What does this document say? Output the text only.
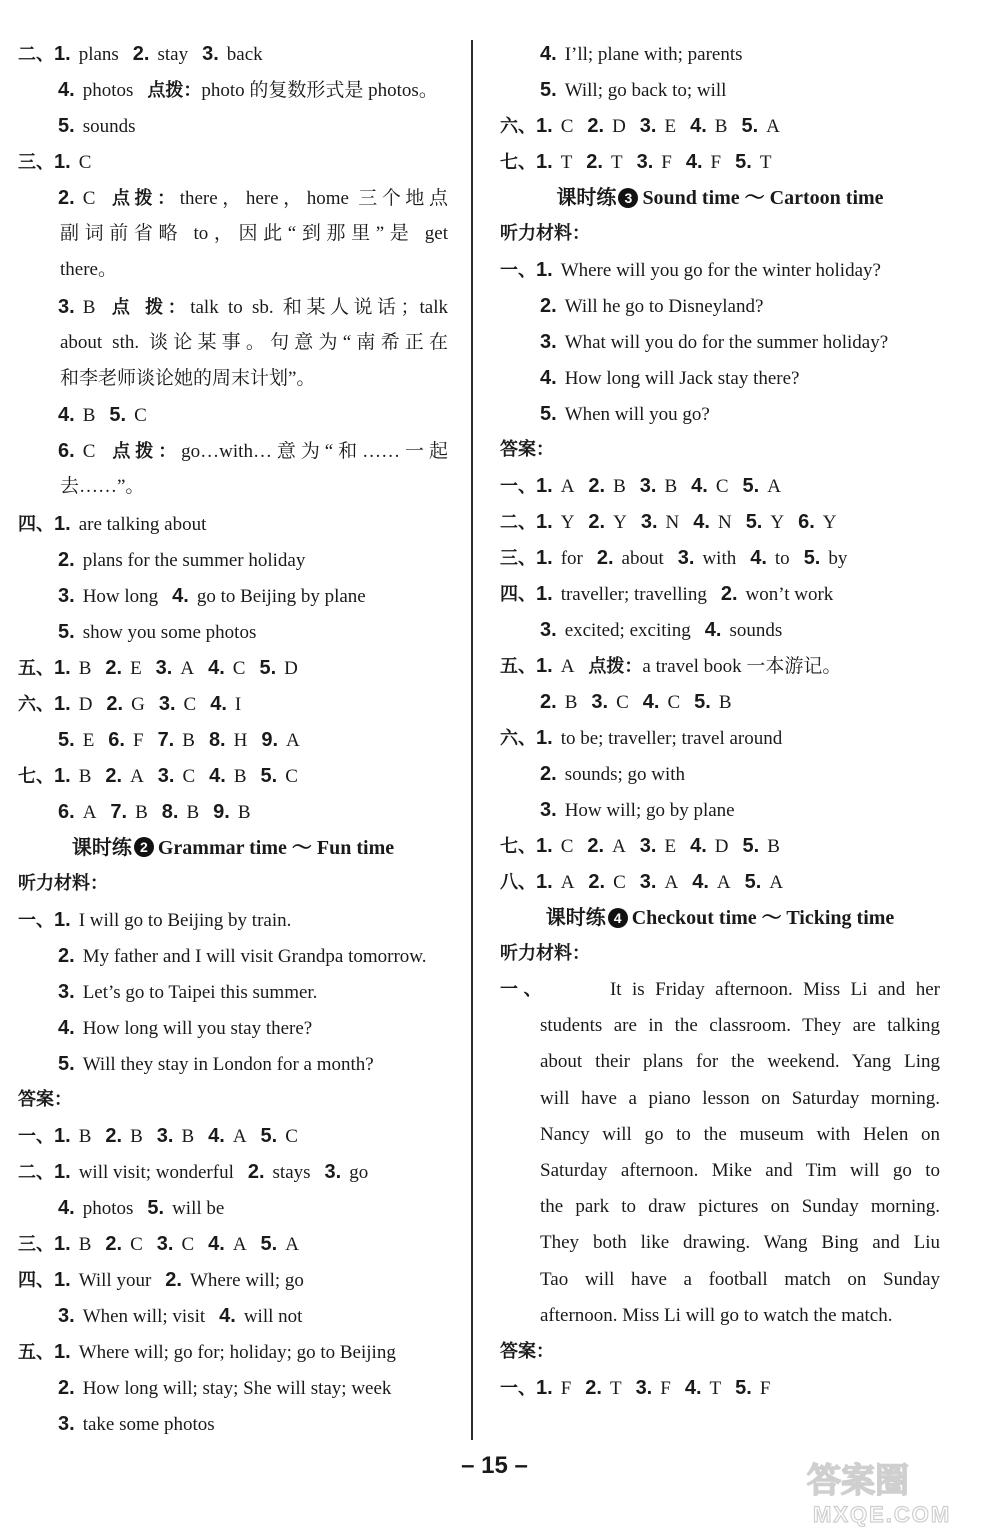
二、1. plans 2. stay 3. back
4. photos 点拨：photo 的复数形式是 photos。
5. sounds
三、1. C
2. C 点拨：there，here，home 三个地点
副词前省略 to，因此“到那里”是 get
there。
3. B 点 拨：talk to sb. 和某人说话；talk
about sth. 谈论某事。句意为“南希正在
和李老师谈论她的周末计划”。
4. B 5. C
6. C 点拨：go…with…意为“和……一起
去……”。
四、1. are talking about
2. plans for the summer holiday
3. How long 4. go to Beijing by plane
5. show you some photos
五、1. B 2. E 3. A 4. C 5. D
六、1. D 2. G 3. C 4. I
5. E 6. F 7. B 8. H 9. A
七、1. B 2. A 3. C 4. B 5. C
6. A 7. B 8. B 9. B
课时练 2 Grammar time ～ Fun time
听力材料：
一、1. I will go to Beijing by train.
2. My father and I will visit Grandpa tomorrow.
3. Let’s go to Taipei this summer.
4. How long will you stay there?
5. Will they stay in London for a month?
答案：
一、1. B 2. B 3. B 4. A 5. C
二、1. will visit; wonderful 2. stays 3. go
4. photos 5. will be
三、1. B 2. C 3. C 4. A 5. A
四、1. Will your 2. Where will; go
3. When will; visit 4. will not
五、1. Where will; go for; holiday; go to Beijing
2. How long will; stay; She will stay; week
3. take some photos
4. I’ll; plane with; parents
5. Will; go back to; will
六、1. C 2. D 3. E 4. B 5. A
七、1. T 2. T 3. F 4. F 5. T
课时练 3 Sound time ～ Cartoon time
听力材料：
一、1. Where will you go for the winter holiday?
2. Will he go to Disneyland?
3. What will you do for the summer holiday?
4. How long will Jack stay there?
5. When will you go?
答案：
一、1. A 2. B 3. B 4. C 5. A
二、1. Y 2. Y 3. N 4. N 5. Y 6. Y
三、1. for 2. about 3. with 4. to 5. by
四、1. traveller; travelling 2. won’t work
3. excited; exciting 4. sounds
五、1. A 点拨：a travel book 一本游记。
2. B 3. C 4. C 5. B
六、1. to be; traveller; travel around
2. sounds; go with
3. How will; go by plane
七、1. C 2. A 3. E 4. D 5. B
八、1. A 2. C 3. A 4. A 5. A
课时练 4 Checkout time ～ Ticking time
听力材料：
一、      It is Friday afternoon. Miss Li and her
students are in the classroom. They are talking
about their plans for the weekend. Yang Ling
will have a piano lesson on Saturday morning.
Nancy will go to the museum with Helen on
Saturday afternoon. Mike and Tim will go to
the park to draw pictures on Sunday morning.
They both like drawing. Wang Bing and Liu
Tao will have a football match on Sunday
afternoon. Miss Li will go to watch the match.
答案：
一、1. F 2. T 3. F 4. T 5. F
– 15 –	答案圈
MXQE.COM
